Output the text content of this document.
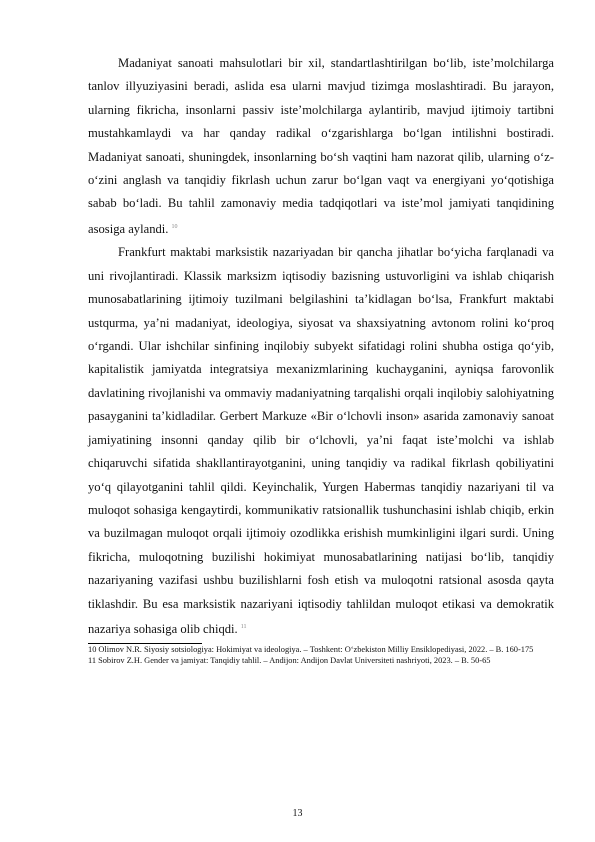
Madaniyat sanoati mahsulotlari bir xil, standartlashtirilgan bo‘lib, iste’molchilarga tanlov illyuziyasini beradi, aslida esa ularni mavjud tizimga moslashtiradi. Bu jarayon, ularning fikricha, insonlarni passiv iste’molchilarga aylantirib, mavjud ijtimoiy tartibni mustahkamlaydi va har qanday radikal o‘zgarishlarga bo‘lgan intilishni bostiradi. Madaniyat sanoati, shuningdek, insonlarning bo‘sh vaqtini ham nazorat qilib, ularning o‘z-o‘zini anglash va tanqidiy fikrlash uchun zarur bo‘lgan vaqt va energiyani yo‘qotishiga sabab bo‘ladi. Bu tahlil zamonaviy media tadqiqotlari va iste’mol jamiyati tanqidining asosiga aylandi. $^{10}$

Frankfurt maktabi marksistik nazariyadan bir qancha jihatlar bo‘yicha farqlanadi va uni rivojlantiradi. Klassik marksizm iqtisodiy bazisning ustuvorligini va ishlab chiqarish munosabatlarining ijtimoiy tuzilmani belgilashini ta’kidlagan bo‘lsa, Frankfurt maktabi ustqurma, ya’ni madaniyat, ideologiya, siyosat va shaxsiyatning avtonom rolini ko‘proq o‘rgandi. Ular ishchilar sinfining inqilobiy subyekt sifatidagi rolini shubha ostiga qo‘yib, kapitalistik jamiyatda integratsiya mexanizmlarining kuchayganini, ayniqsa farovonlik davlatining rivojlanishi va ommaviy madaniyatning tarqalishi orqali inqilobiy salohiyatning pasayganini ta’kidladilar. Gerbert Markuze «Bir o‘lchovli inson» asarida zamonaviy sanoat jamiyatining insonni qanday qilib bir o‘lchovli, ya’ni faqat iste’molchi va ishlab chiqaruvchi sifatida shakllantirayotganini, uning tanqidiy va radikal fikrlash qobiliyatini yo‘q qilayotganini tahlil qildi. Keyinchalik, Yurgen Habermas tanqidiy nazariyani til va muloqot sohasiga kengaytirdi, kommunikativ ratsionallik tushunchasini ishlab chiqib, erkin va buzilmagan muloqot orqali ijtimoiy ozodlikka erishish mumkinligini ilgari surdi. Uning fikricha, muloqotning buzilishi hokimiyat munosabatlarining natijasi bo‘lib, tanqidiy nazariyaning vazifasi ushbu buzilishlarni fosh etish va muloqotni ratsional asosda qayta tiklashdir. Bu esa marksistik nazariyani iqtisodiy tahlildan muloqot etikasi va demokratik nazariya sohasiga olib chiqdi. $^{11}$

10 Olimov N.R. Siyosiy sotsiologiya: Hokimiyat va ideologiya. – Toshkent: O‘zbekiston Milliy Ensiklopediyasi, 2022. – B. 160-175

11 Sobirov Z.H. Gender va jamiyat: Tanqidiy tahlil. – Andijon: Andijon Davlat Universiteti nashriyoti, 2023. – B. 50-65

13
